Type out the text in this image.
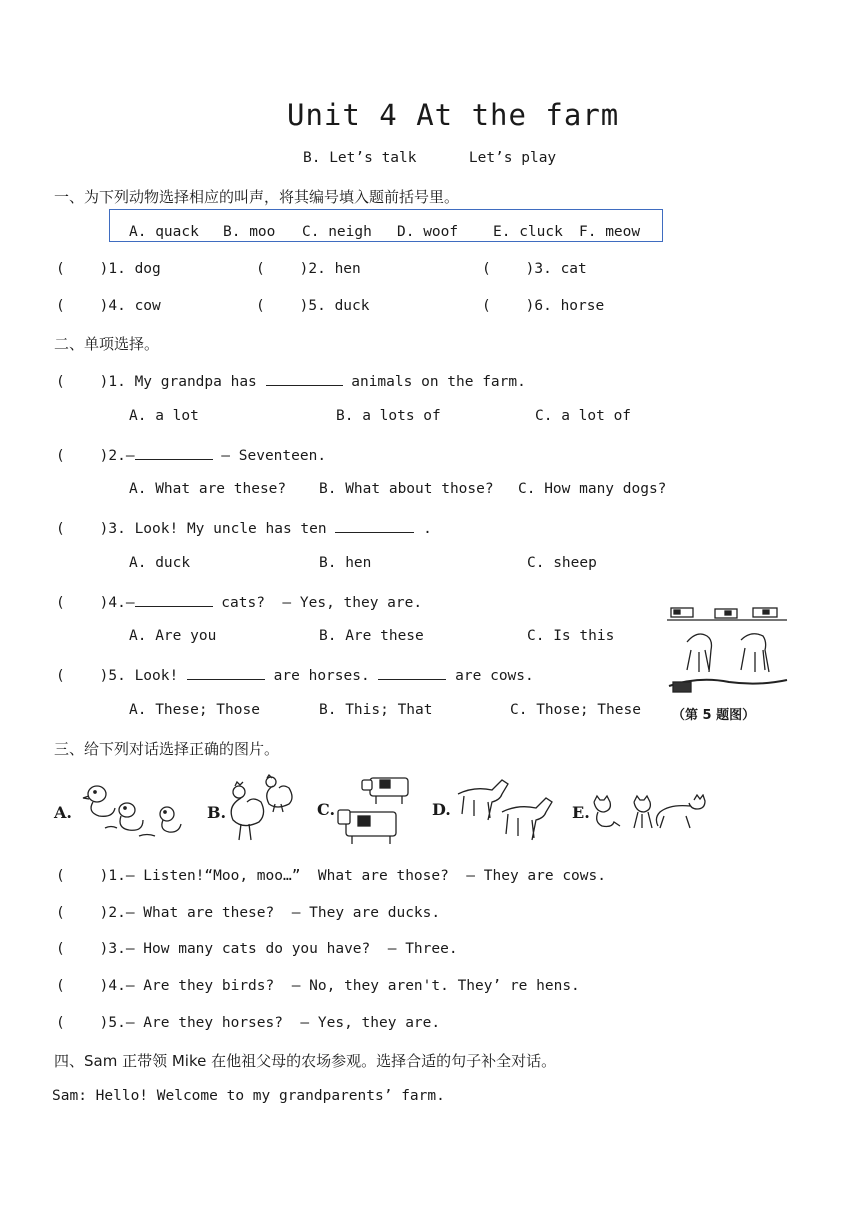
Unit 4 At the farm
B. Let’s talk      Let’s play
一、为下列动物选择相应的叫声，将其编号填入题前括号里。
A. quack B. moo C. neigh D. woof E. cluck F. meow
(    )1. dog	(    )2. hen	(    )3. cat
(    )4. cow	(    )5. duck	(    )6. horse
二、单项选择。
(    )1. My grandpa has	animals on the farm.
A. a lot	B. a lots of	C. a lot of
(    )2.—	— Seventeen.
A. What are these? B. What about those? C. How many dogs?
(    )3. Look! My uncle has ten	.
A. duck	B. hen	C. sheep
(    )4.—	cats?  — Yes, they are.
A. Are you	B. Are these	C. Is this
(    )5. Look!	are horses.	are cows.
A. These; Those	B. This; That	C. Those; These （第 5 题图）
三、给下列对话选择正确的图片。
A.	B.	C.	D.	E.
(    )1.— Listen!“Moo, moo…”  What are those?  — They are cows.
(    )2.— What are these?  — They are ducks.
(    )3.— How many cats do you have?  — Three.
(    )4.— Are they birds?  — No, they aren't. They’ re hens.
(    )5.— Are they horses?  — Yes, they are.
四、Sam 正带领 Mike 在他祖父母的农场参观。选择合适的句子补全对话。
Sam: Hello! Welcome to my grandparents’ farm.
